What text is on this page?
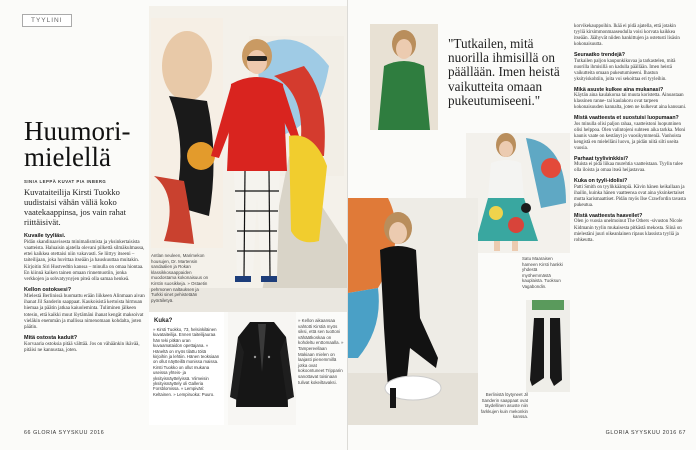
TYYLINI
Huumori-mielellä
SINIA LEPPÄ KUVAT PIA INBERG
Kuvataiteilija Kirsti Tuokko uudistaisi vähän väliä koko vaatekaappinsa, jos vain rahat riittäisivät.
Kuvaile tyyliäsi.

Pidän skandinaavisesta minimalismista ja yksinkertaisista vaatteista. Haluaisin ajatella olevani pilkettä silmäkulmassa, ettei kaikkea otettaisi niin vakavasti. Se liittyy itseeni – taiteilijaan, joka huvittaa itseään ja hauskuuttaa muitakin. Kirjoitin Siri Hustvedtin kanssa – minulla on omaa hiontaa. En kiinnä kaiken tainen omaan rinnemuotiin, jonka verkkojen ja sohvatyynyjen piteä olla samaa henkeä.

Kellon ostoksesi?

Mielestä Berlinissä huomattu erään liikkeen Alinmaan aivan ihanat Jil Sanderin saappaat. Kaukoisistä kertoista hirmuan hiemaa ja päätin jatkaa kaiuoleminta. Tuliminen jälkeen totesin, että kaikki muut löytämäni ihanat kengät maksoivat vieläkin enemmän ja mallissa nimenomaan kohdalta, joten päätin.

Mitä ostosta kaduit?

Korvaaria ostoksia pitää välttää. Jos on vähäänkin ikävää, pitäisi ne kannustaa, joten.

Antlan neuleen, Marimekon housujen, Dr. Martensin sandaalien ja Rokan klassikkosaappaiden muodostama kokonaisuus on Kirstin suosikkeja. » Ostaetin pehmonen naltauksen ja Turkki sinet pehistetään pyöräiletyä.
Kuka?
» Kirsti Tuokko, 73, helsinkiläinen kuvataiteilija. Ennen taiteilijauraa hän teki pitkän uran kuvaamataidon opettajana. » Häneltä on myös tilattu töitä kirjoihin ja lehtiin. Hänen teoksiaan on ollut näytteillä monissa maissa. Kirsti Tuokko on ollut mukana useissa yhteis- ja yksityisnäyttelyissä. Viimeisin yksityisnäyttely oli Galleria Forsblomissa. » Lempiväri: Keltainen. » Lempiruoka: Puuro.
» Kellon aikaansaa vahtotti Kirstiä myös siksi, että sen tuottoni vähäätkoskaa on kohdeltu enttomaalla. » Tampereellaan Makiaan mielen on laajasti pienemmillä jotka ovat kokoontuneet Tripparin sanottavat toisinaan tulivat kokeiltavaksi.
66 GLORIA SYYSKUU 2016
"Tutkailen, mitä nuorilla ihmisillä on päällään. Imen heistä vaikutteita omaan pukeutumiseeni."
Satu Maaraisen hameen Kirsti hankki yhdestä myöhemmästä kauplaista. Tuoksun Vagabondin.
Berlinistä löytyneet Jil Sanderin saappaat ovat täydellinen asuste niin farkkujen kuin mekonkin kanssa.

korvikekauppoihin. Ikää ei pidä ajatella, että jotakin tyyliä kirsimmonmaaseudulla voisi korvata kaikkea itseään. Jäähyvät niiden hankittujen ja ostetusti lisäsin kokonaisuutta.

Seuraatko trendejä?

Tutkailen paljon kaupunkikuvaa ja tarkastelen, mitä nuorilla ihmisillä on kadulla päällään. Imen heistä vaikutteita omaan pukeutumiseeni. Ihastun yksityiskohtiin, joita voi sekoittaa eri tyyleihin.

Mikä asuste kulkee aina mukanasi?

Käytän aina kaulakorua tai muuta koristetta. Ainoastaan klassinen ranne- tai kaulakoru ovat tarpeen kokonaisuuden kannalta, joten ne kulkevat aina kanssani.

Mistä vaatteesta et suostuisi luopumaan?

Jos minulla olisi paljon rahaa, vaatteistoni luopuminen olisi helppoa. Olen valintojeni suhteen aika tarkka. Moni kaunis vaate on kestänyt jo vuosikymmeniä. Vanhoista kengistä en mielelläni luovu, ja pidän niitä silti useita vuosia.

Parhaat tyylivinkkisi?

Muista ei pidä liikaa murehtia vaatteistaan. Tyylin tulee olla iloista ja omaa itseä heijastavaa.

Kuka on tyyli-idolisi?

Patti Smith on tyylikkäämpiä. Kävin hänen keikallaan ja ihailin, kuinka hänen vaatteensa ovat aina yksinkertaiset mutta karismaattiset. Pidän myös Ilse Crawfordin tavasta pukeutua.

Mistä vaatteesta haaveilet?

Olen jo vuosia unelmoinut The Others -sivuston Nicole Kidmanin tyylin mukaisesta pitkästä mekosta. Siinä on mielestäni juuri oikeanlainen ripaus klassista tyyliä ja rohkeutta.

GLORIA SYYSKUU 2016 67
